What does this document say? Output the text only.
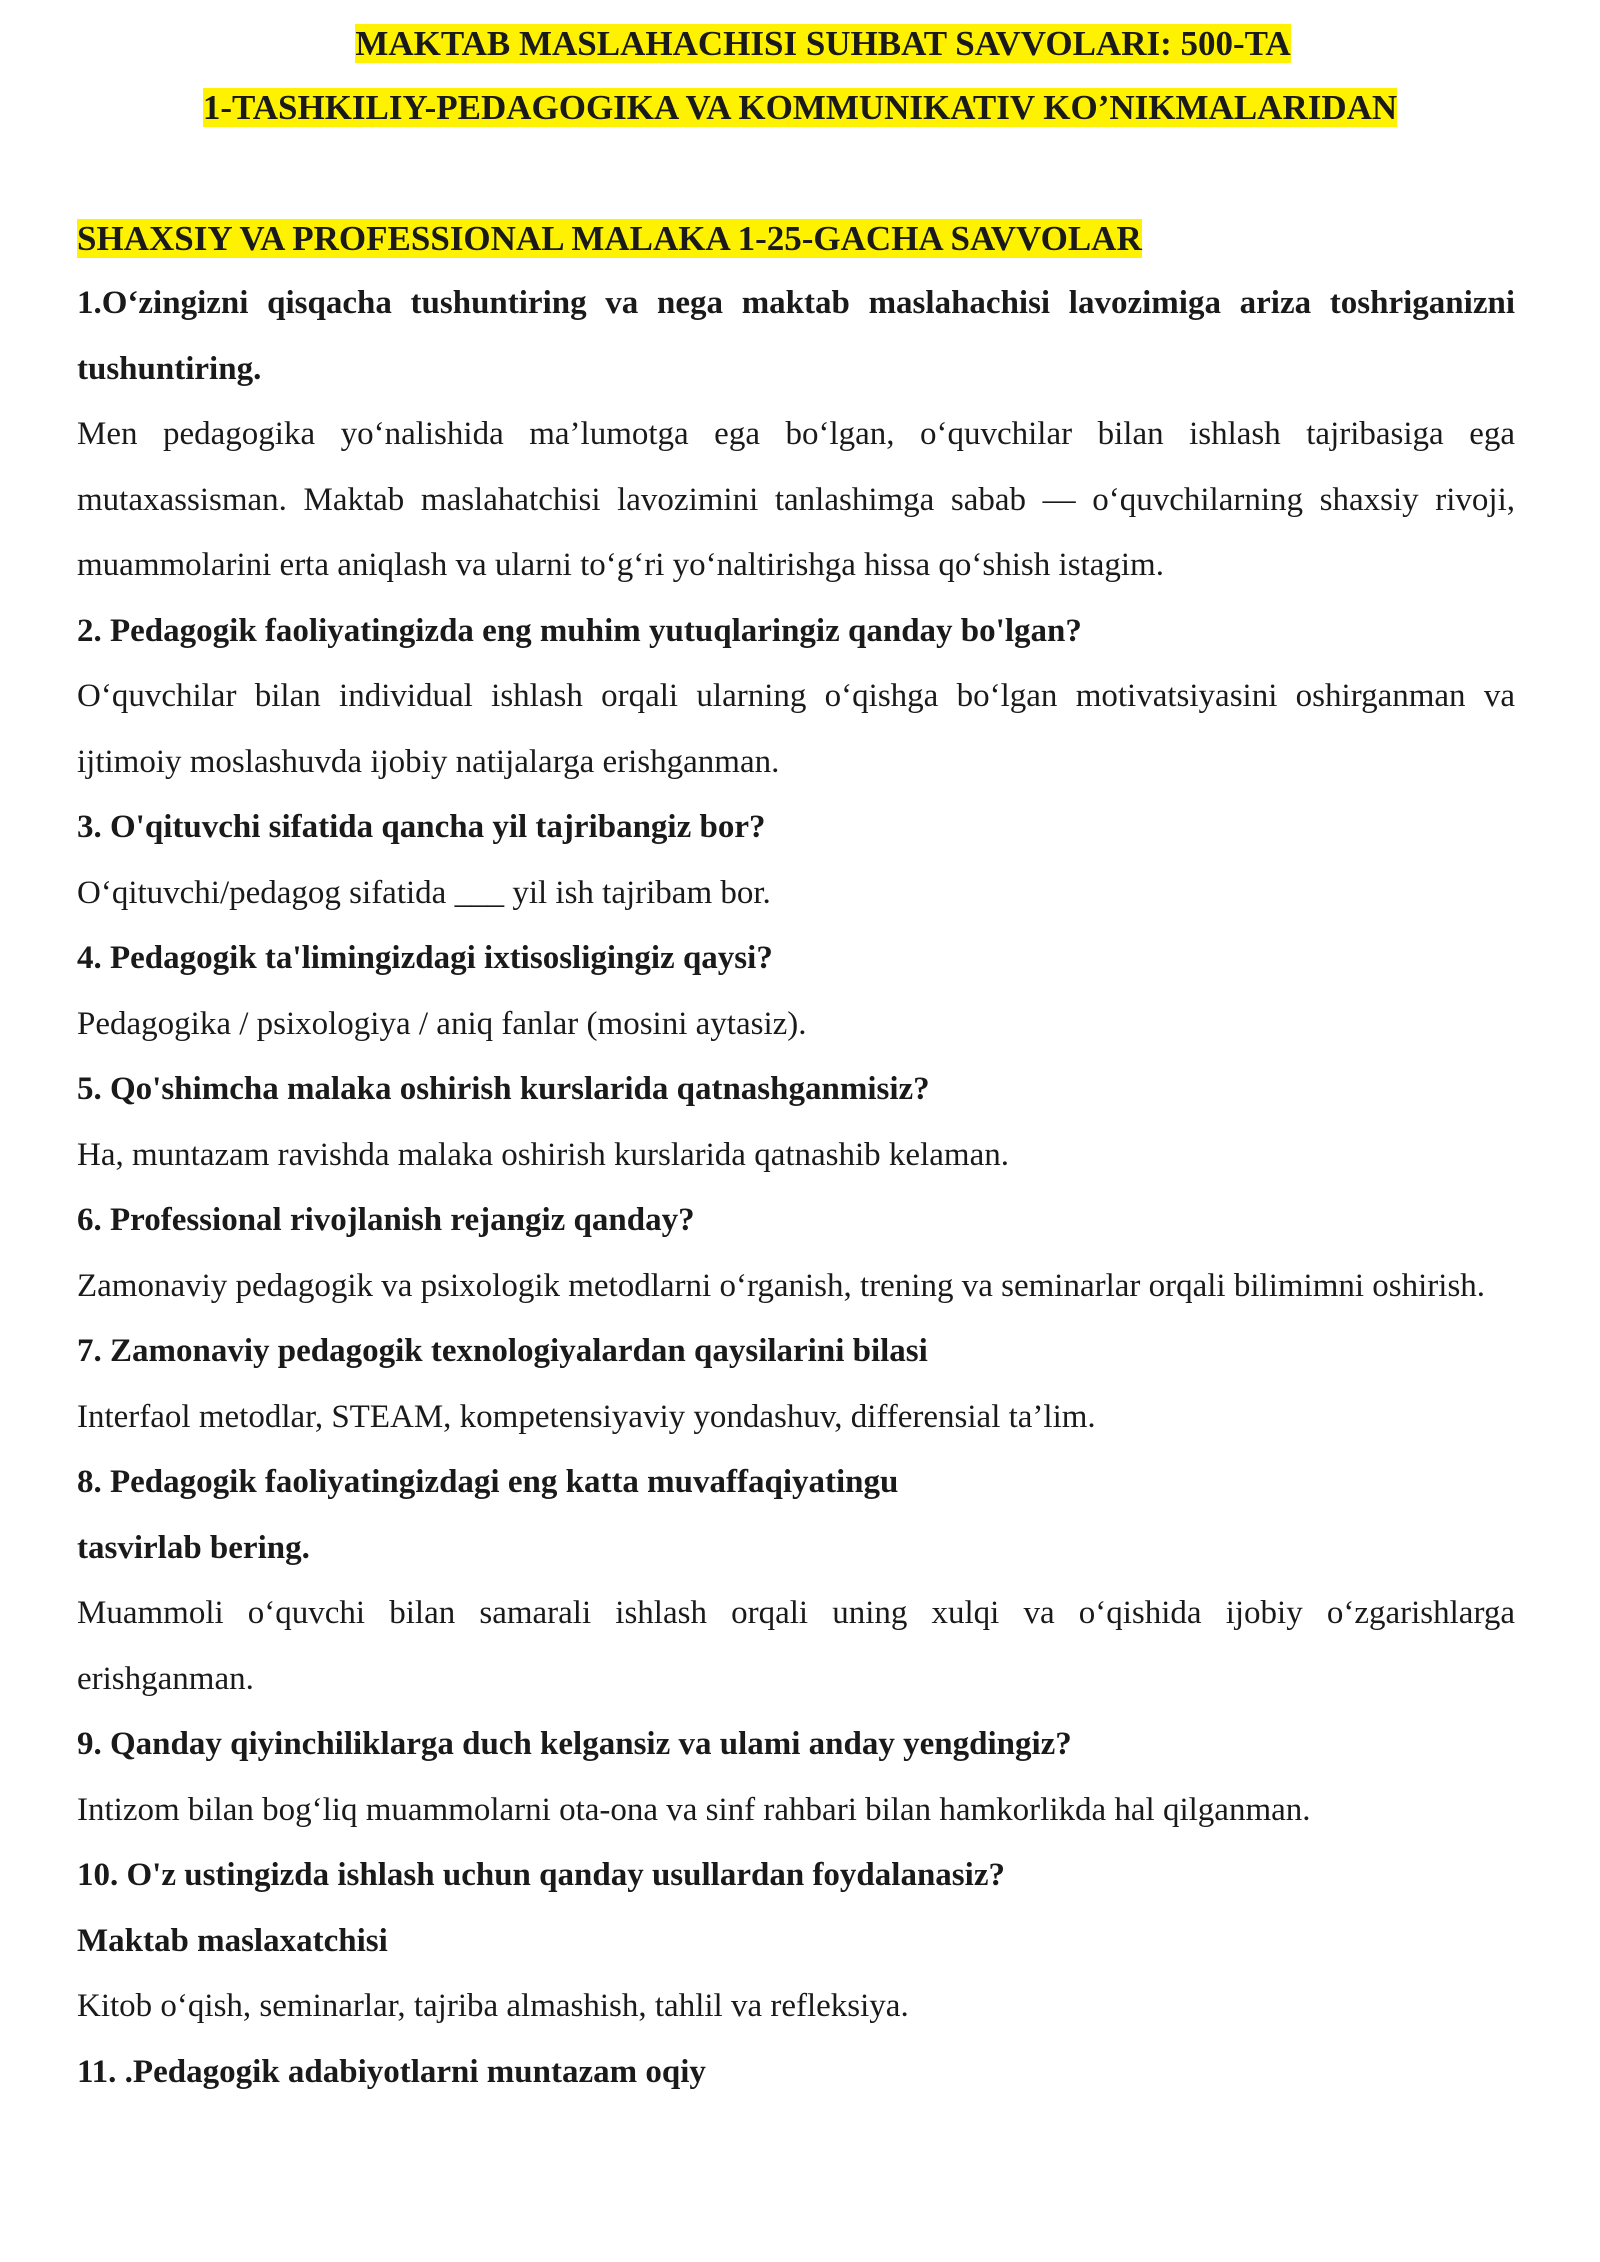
MAKTAB MASLAHACHISI SUHBAT SAVVOLARI: 500-TA
1-TASHKILIY-PEDAGOGIKA VA KOMMUNIKATIV KO’NIKMALARIDAN
SHAXSIY VA PROFESSIONAL MALAKA 1-25-GACHA SAVVOLAR

1.O‘zingizni qisqacha tushuntiring va nega maktab maslahachisi lavozimiga ariza toshriganizni tushuntiring.

Men pedagogika yo‘nalishida ma’lumotga ega bo‘lgan, o‘quvchilar bilan ishlash tajribasiga ega mutaxassisman. Maktab maslahatchisi lavozimini tanlashimga sabab — o‘quvchilarning shaxsiy rivoji, muammolarini erta aniqlash va ularni to‘g‘ri yo‘naltirishga hissa qo‘shish istagim.

2. Pedagogik faoliyatingizda eng muhim yutuqlaringiz qanday bo'lgan?

O‘quvchilar bilan individual ishlash orqali ularning o‘qishga bo‘lgan motivatsiyasini oshirganman va ijtimoiy moslashuvda ijobiy natijalarga erishganman.

3. O'qituvchi sifatida qancha yil tajribangiz bor?

O‘qituvchi/pedagog sifatida ___ yil ish tajribam bor.

4. Pedagogik ta'limingizdagi ixtisosligingiz qaysi?

Pedagogika / psixologiya / aniq fanlar (mosini aytasiz).

5. Qo'shimcha malaka oshirish kurslarida qatnashganmisiz?

Ha, muntazam ravishda malaka oshirish kurslarida qatnashib kelaman.

6. Professional rivojlanish rejangiz qanday?

Zamonaviy pedagogik va psixologik metodlarni o‘rganish, trening va seminarlar orqali bilimimni oshirish.

7. Zamonaviy pedagogik texnologiyalardan qaysilarini bilasi

Interfaol metodlar, STEAM, kompetensiyaviy yondashuv, differensial ta’lim.

8. Pedagogik faoliyatingizdagi eng katta muvaffaqiyatingu

tasvirlab bering.

Muammoli o‘quvchi bilan samarali ishlash orqali uning xulqi va o‘qishida ijobiy o‘zgarishlarga erishganman.

9. Qanday qiyinchiliklarga duch kelgansiz va ulami anday yengdingiz?

Intizom bilan bog‘liq muammolarni ota-ona va sinf rahbari bilan hamkorlikda hal qilganman.

10. O'z ustingizda ishlash uchun qanday usullardan foydalanasiz?

Maktab maslaxatchisi

Kitob o‘qish, seminarlar, tajriba almashish, tahlil va refleksiya.

11. .Pedagogik adabiyotlarni muntazam oqiy
